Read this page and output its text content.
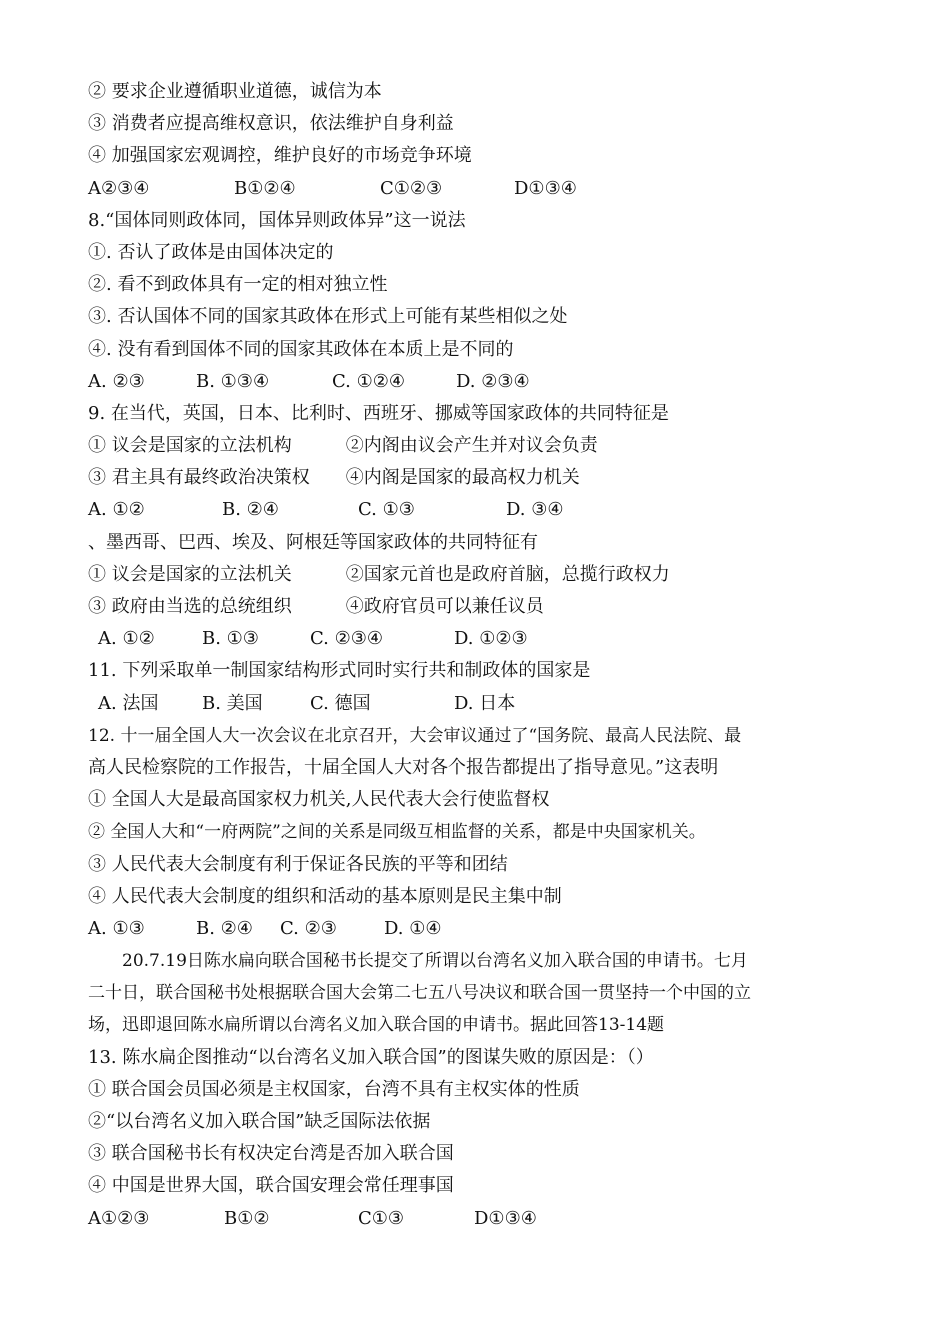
② 要求企业遵循职业道德，诚信为本
③ 消费者应提高维权意识，依法维护自身利益
④ 加强国家宏观调控，维护良好的市场竞争环境
A②③④	B①②④	C①②③	D①③④
8.“国体同则政体同，国体异则政体异”这一说法
①. 否认了政体是由国体决定的
②. 看不到政体具有一定的相对独立性
③. 否认国体不同的国家其政体在形式上可能有某些相似之处
④. 没有看到国体不同的国家其政体在本质上是不同的
A. ②③	B. ①③④	C. ①②④	D. ②③④
9. 在当代，英国，日本、比利时、西班牙、挪威等国家政体的共同特征是
① 议会是国家的立法机构　　　②内阁由议会产生并对议会负责
③ 君主具有最终政治决策权　　④内阁是国家的最高权力机关
A. ①②	B. ②④	C. ①③	D. ③④
、墨西哥、巴西、埃及、阿根廷等国家政体的共同特征有
① 议会是国家的立法机关　　　②国家元首也是政府首脑，总揽行政权力
③ 政府由当选的总统组织　　　④政府官员可以兼任议员
A. ①②	B. ①③	C. ②③④	D. ①②③
11. 下列采取单一制国家结构形式同时实行共和制政体的国家是
A. 法国	B. 美国	C. 德国	D. 日本
12. 十一届全国人大一次会议在北京召开，大会审议通过了“国务院、最高人民法院、最
高人民检察院的工作报告，十届全国人大对各个报告都提出了指导意见。”这表明
① 全国人大是最高国家权力机关,人民代表大会行使监督权
② 全国人大和“一府两院”之间的关系是同级互相监督的关系，都是中央国家机关。
③ 人民代表大会制度有利于保证各民族的平等和团结
④ 人民代表大会制度的组织和活动的基本原则是民主集中制
A. ①③	B. ②④	C. ②③	D. ①④
　　20.7.19日陈水扁向联合国秘书长提交了所谓以台湾名义加入联合国的申请书。七月
二十日，联合国秘书处根据联合国大会第二七五八号决议和联合国一贯坚持一个中国的立
场，迅即退回陈水扁所谓以台湾名义加入联合国的申请书。据此回答13-14题
13. 陈水扁企图推动“以台湾名义加入联合国”的图谋失败的原因是：（）
① 联合国会员国必须是主权国家，台湾不具有主权实体的性质
②“以台湾名义加入联合国”缺乏国际法依据
③ 联合国秘书长有权决定台湾是否加入联合国
④ 中国是世界大国，联合国安理会常任理事国
A①②③	B①②	C①③	D①③④
